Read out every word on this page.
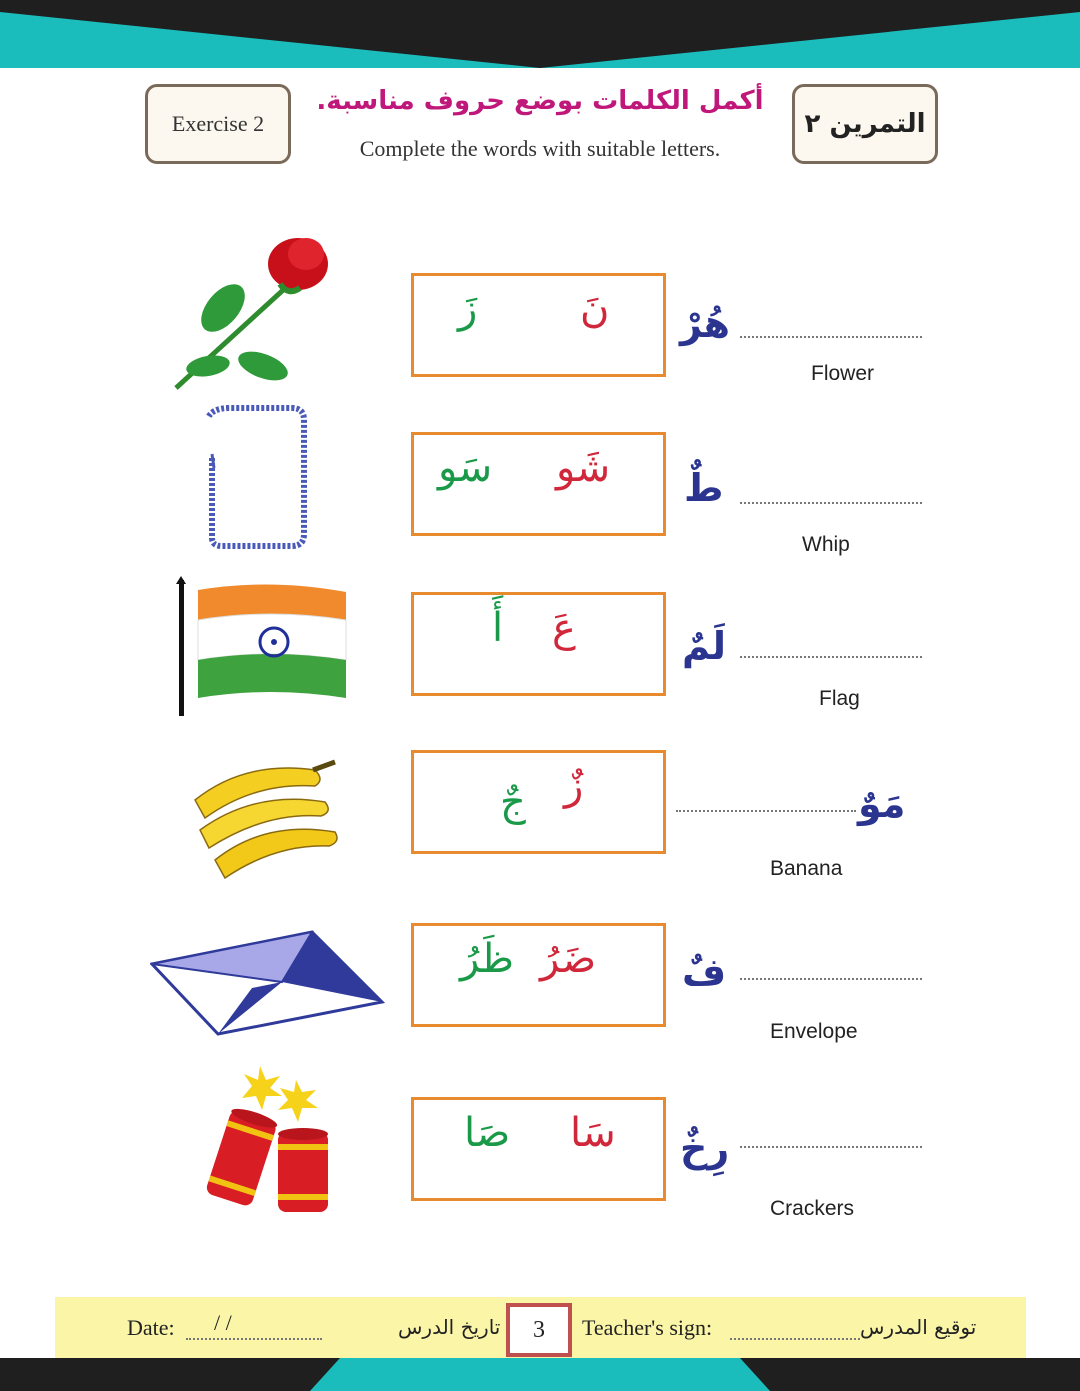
Exercise 2	التمرين ٢
أكمل الكلمات بوضع حروف مناسبة.
Complete the words with suitable letters.
نَ
زَ	هُرْ
Flower
شَو
سَو	طٌ
Whip
عَ
أَ	لَمٌ
Flag
زٌ
جٌ	مَوٌ
Banana
ضَرُ
ظَرُ	فٌ
Envelope
سَا
صَا	رِخٌ
Crackers
Date: / /	تاريخ الدرس 3 Teacher's sign:	توقيع المدرس
